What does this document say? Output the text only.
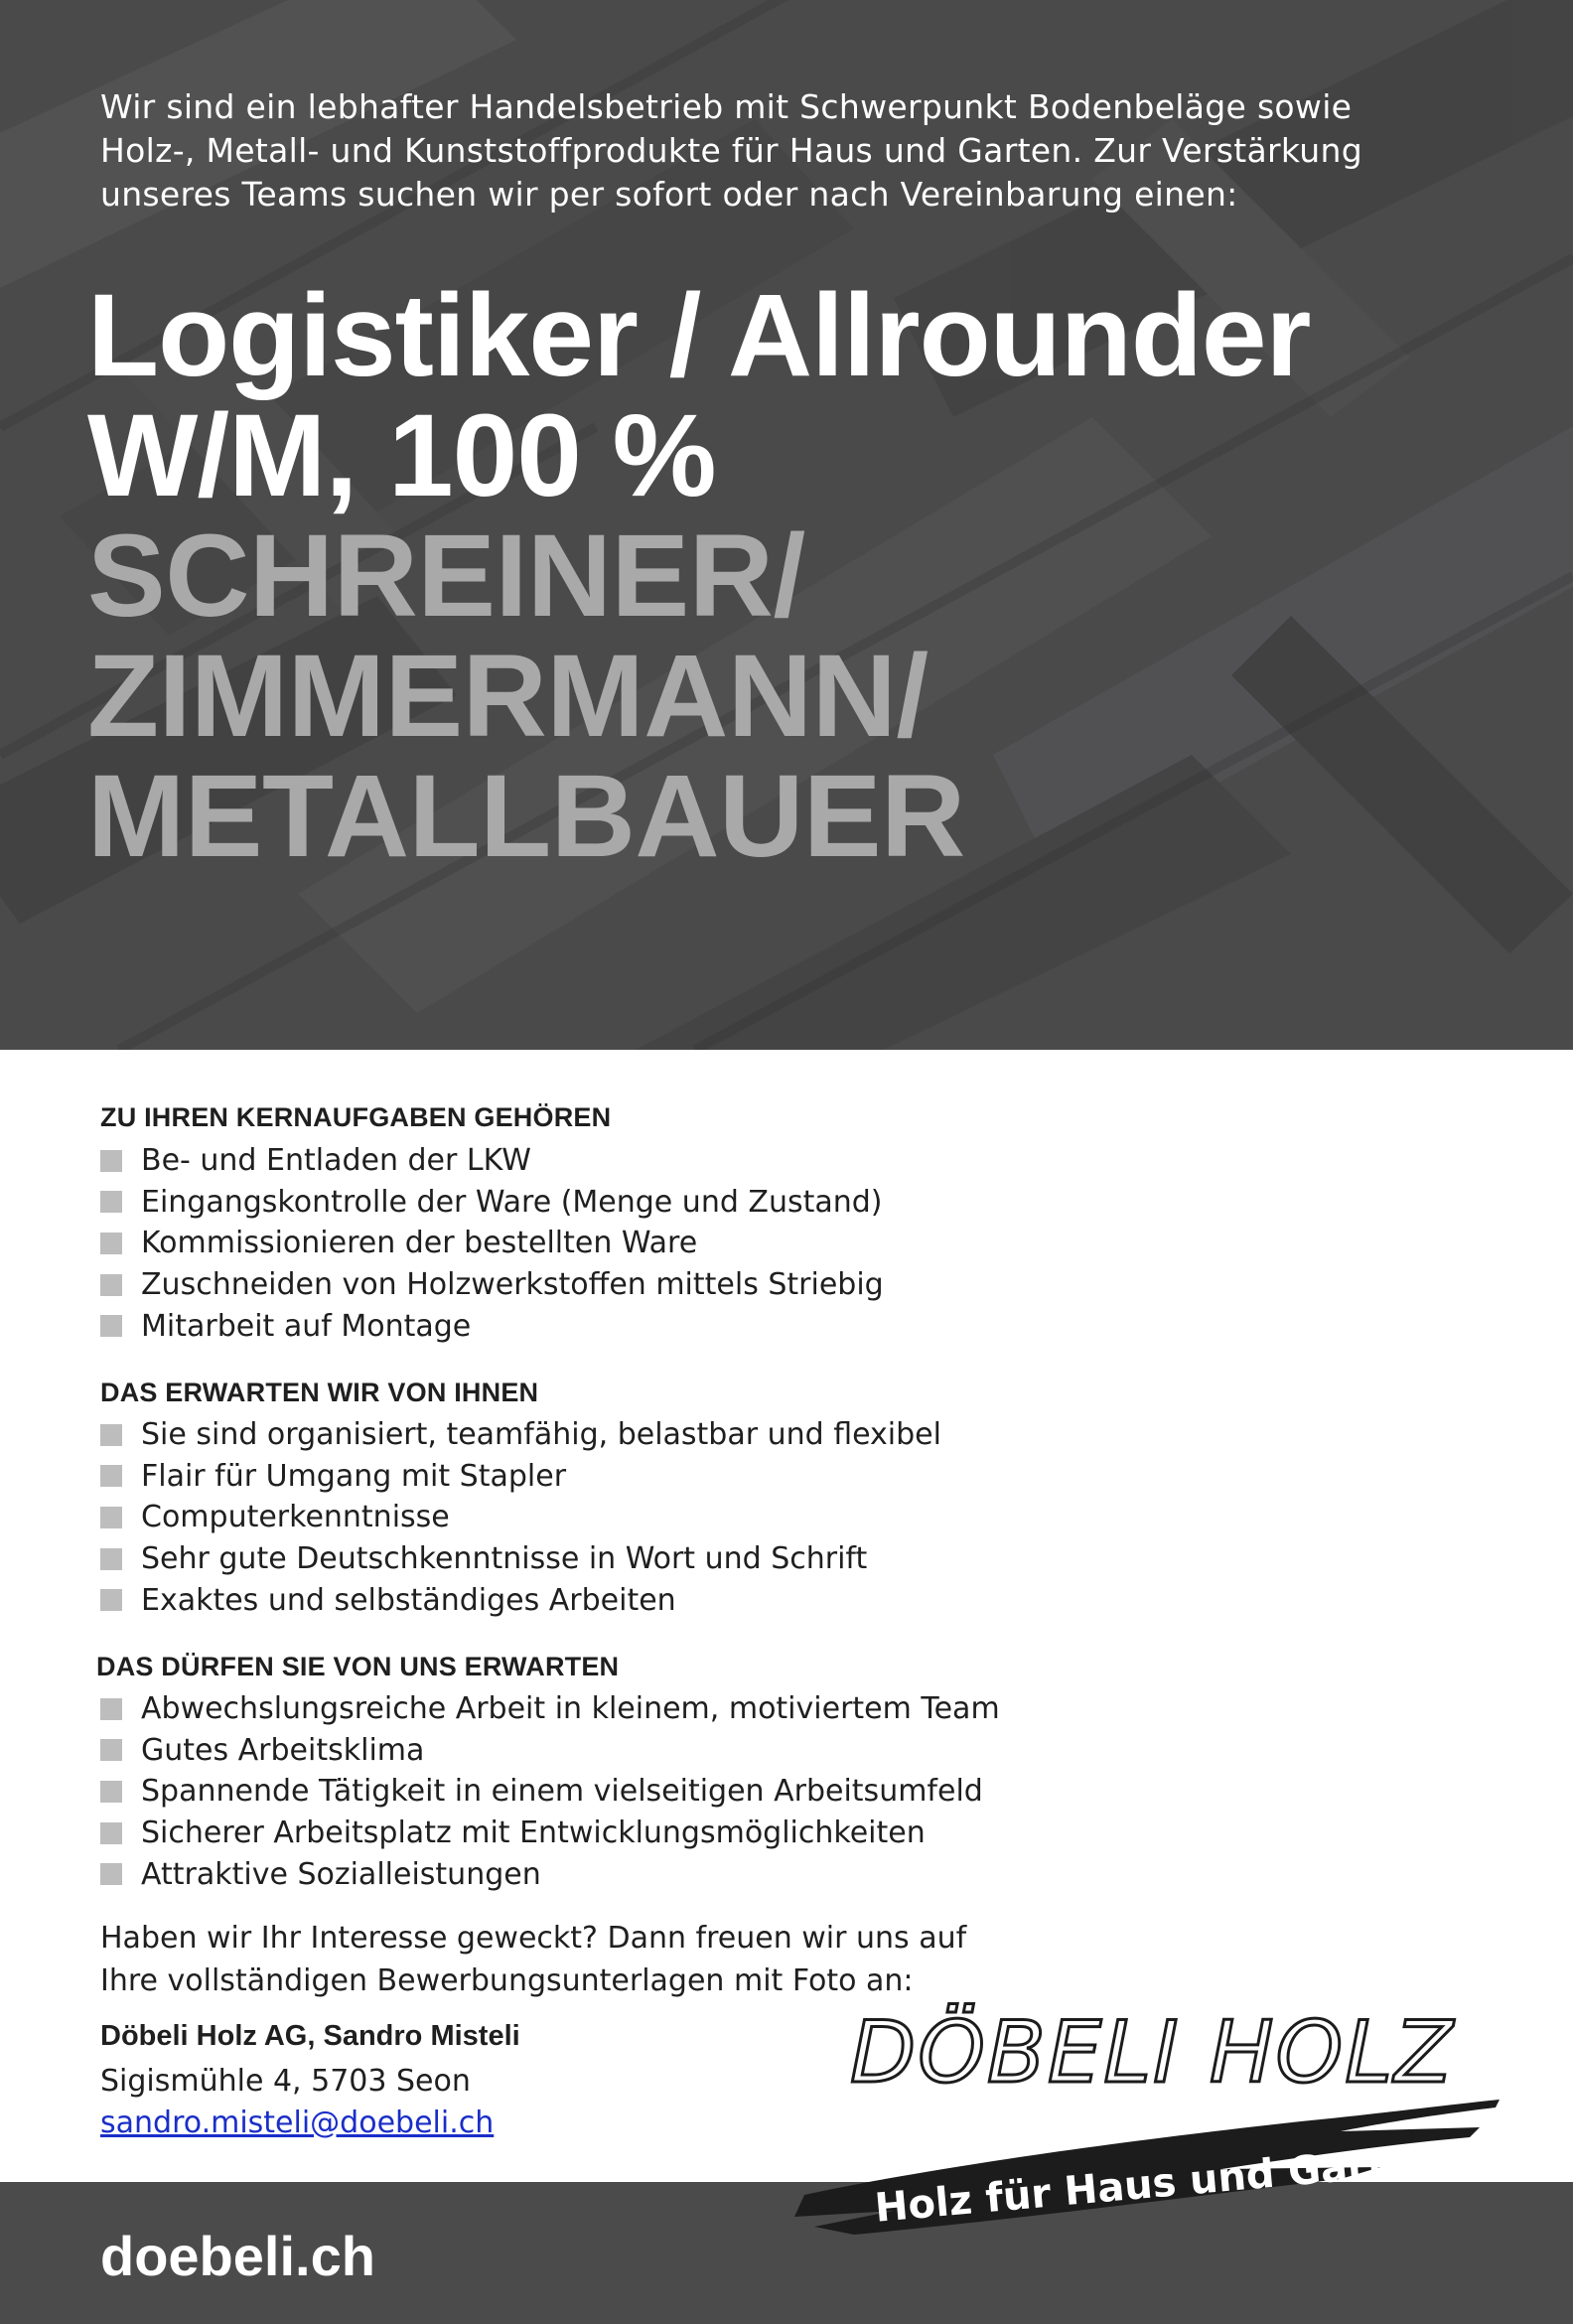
Wir sind ein lebhafter Handelsbetrieb mit Schwerpunkt Bodenbeläge sowie
Holz-, Metall- und Kunststoffprodukte für Haus und Garten. Zur Verstärkung
unseres Teams suchen wir per sofort oder nach Vereinbarung einen:
Logistiker / Allrounder
W/M, 100 %
SCHREINER/
ZIMMERMANN/
METALLBAUER
ZU IHREN KERNAUFGABEN GEHÖREN
Be- und Entladen der LKW
Eingangskontrolle der Ware (Menge und Zustand)
Kommissionieren der bestellten Ware
Zuschneiden von Holzwerkstoffen mittels Striebig
Mitarbeit auf Montage
DAS ERWARTEN WIR VON IHNEN
Sie sind organisiert, teamfähig, belastbar und flexibel
Flair für Umgang mit Stapler
Computerkenntnisse
Sehr gute Deutschkenntnisse in Wort und Schrift
Exaktes und selbständiges Arbeiten
DAS DÜRFEN SIE VON UNS ERWARTEN
Abwechslungsreiche Arbeit in kleinem, motiviertem Team
Gutes Arbeitsklima
Spannende Tätigkeit in einem vielseitigen Arbeitsumfeld
Sicherer Arbeitsplatz mit Entwicklungsmöglichkeiten
Attraktive Sozialleistungen
Haben wir Ihr Interesse geweckt? Dann freuen wir uns auf
Ihre vollständigen Bewerbungsunterlagen mit Foto an:
Döbeli Holz AG, Sandro Misteli
Sigismühle 4, 5703 Seon
sandro.misteli@doebeli.ch
doebeli.ch
DÖBELI HOLZ
Holz für Haus und Garten
